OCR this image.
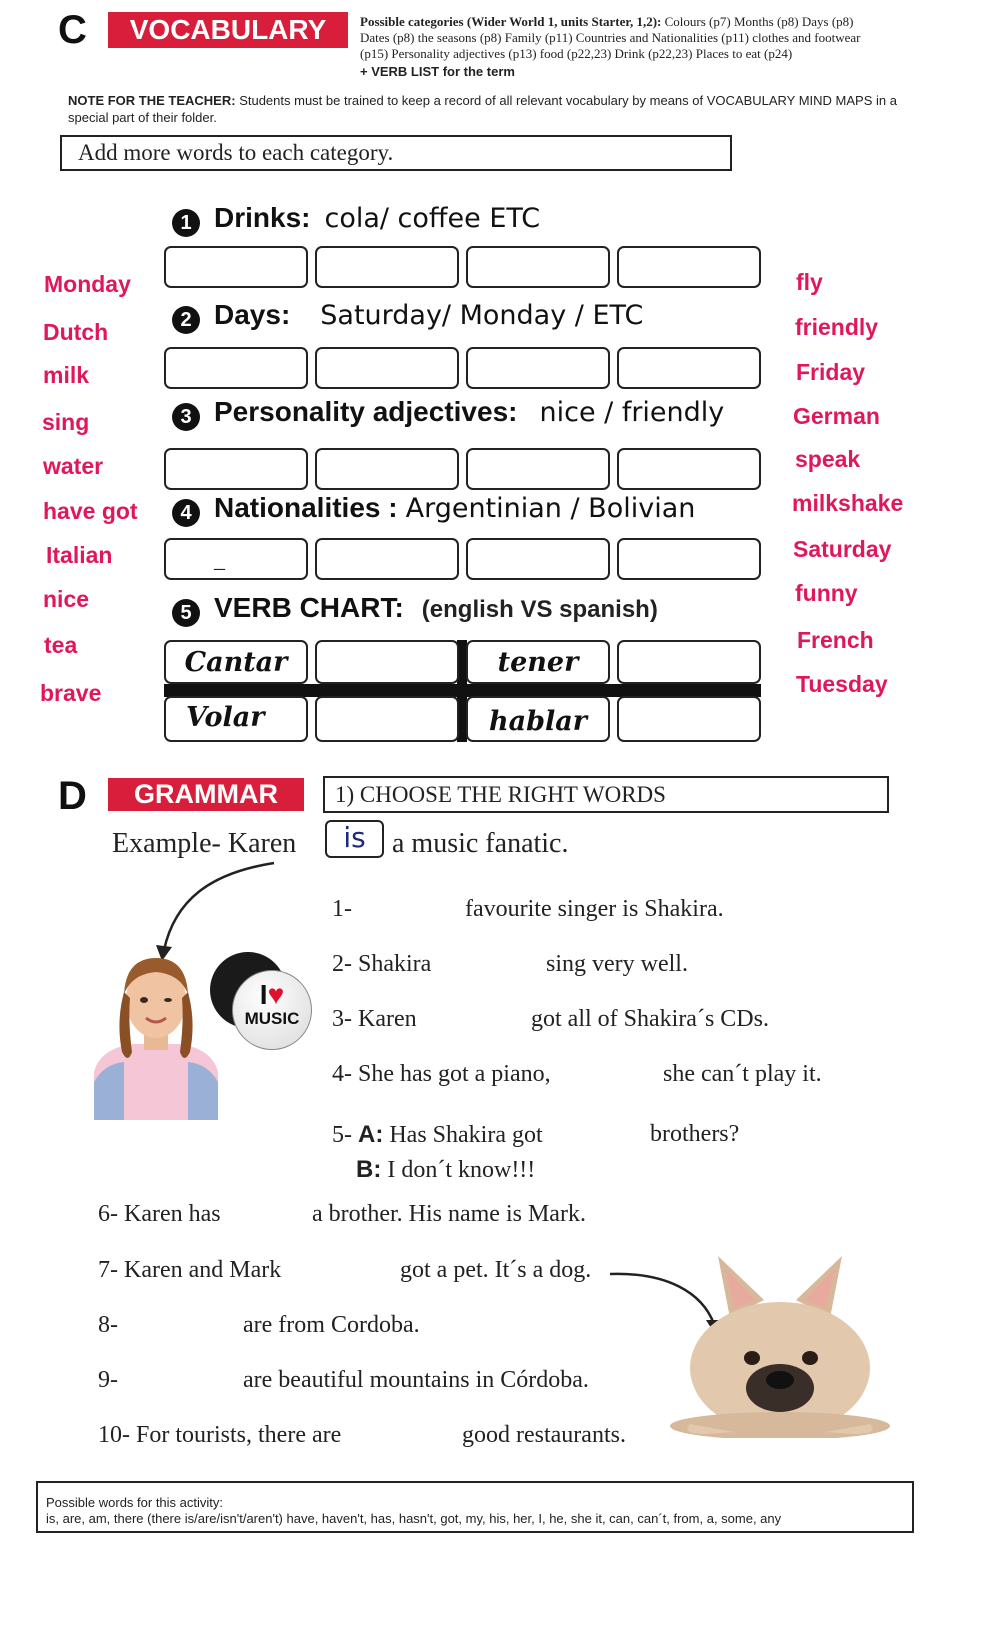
C	VOCABULARY	Possible categories (Wider World 1, units Starter, 1,2): Colours (p7) Months (p8) Days (p8)
Dates (p8) the seasons (p8) Family (p11) Countries and Nationalities (p11) clothes and footwear
(p15) Personality adjectives (p13) food (p22,23) Drink (p22,23) Places to eat (p24)
+ VERB LIST for the term
NOTE FOR THE TEACHER: Students must be trained to keep a record of all relevant vocabulary by means of VOCABULARY MIND MAPS in a special part of their folder.
Add more words to each category.
1 Drinks: cola/ coffee ETC
2 Days: Saturday/ Monday / ETC
3 Personality adjectives: nice / friendly
4 Nationalities : Argentinian / Bolivian
_
5 VERB CHART: (english VS spanish)
Cantar	tener
Volar	hablar
Monday
Dutch
milk
sing
water
have got
Italian
nice
tea
brave
fly
friendly
Friday
German
speak
milkshake
Saturday
funny
French
Tuesday
D	GRAMMAR	1) CHOOSE THE RIGHT WORDS
Example- Karen	is a music fanatic.
I♥
MUSIC
1-	favourite singer is Shakira.
2- Shakira	sing very well.
3- Karen	got all of Shakira´s CDs.
4- She has got a piano,	she can´t play it.
5- A: Has Shakira got	brothers?
B: I don´t know!!!
6- Karen has	a brother. His name is Mark.
7- Karen and Mark	got a pet. It´s a dog.
8-	are from Cordoba.
9-	are beautiful mountains in Córdoba.
10- For tourists, there are	good restaurants.
Possible words for this activity:
is, are, am, there (there is/are/isn't/aren't) have, haven't, has, hasn't, got, my, his, her, I, he, she it, can, can´t, from, a, some, any
